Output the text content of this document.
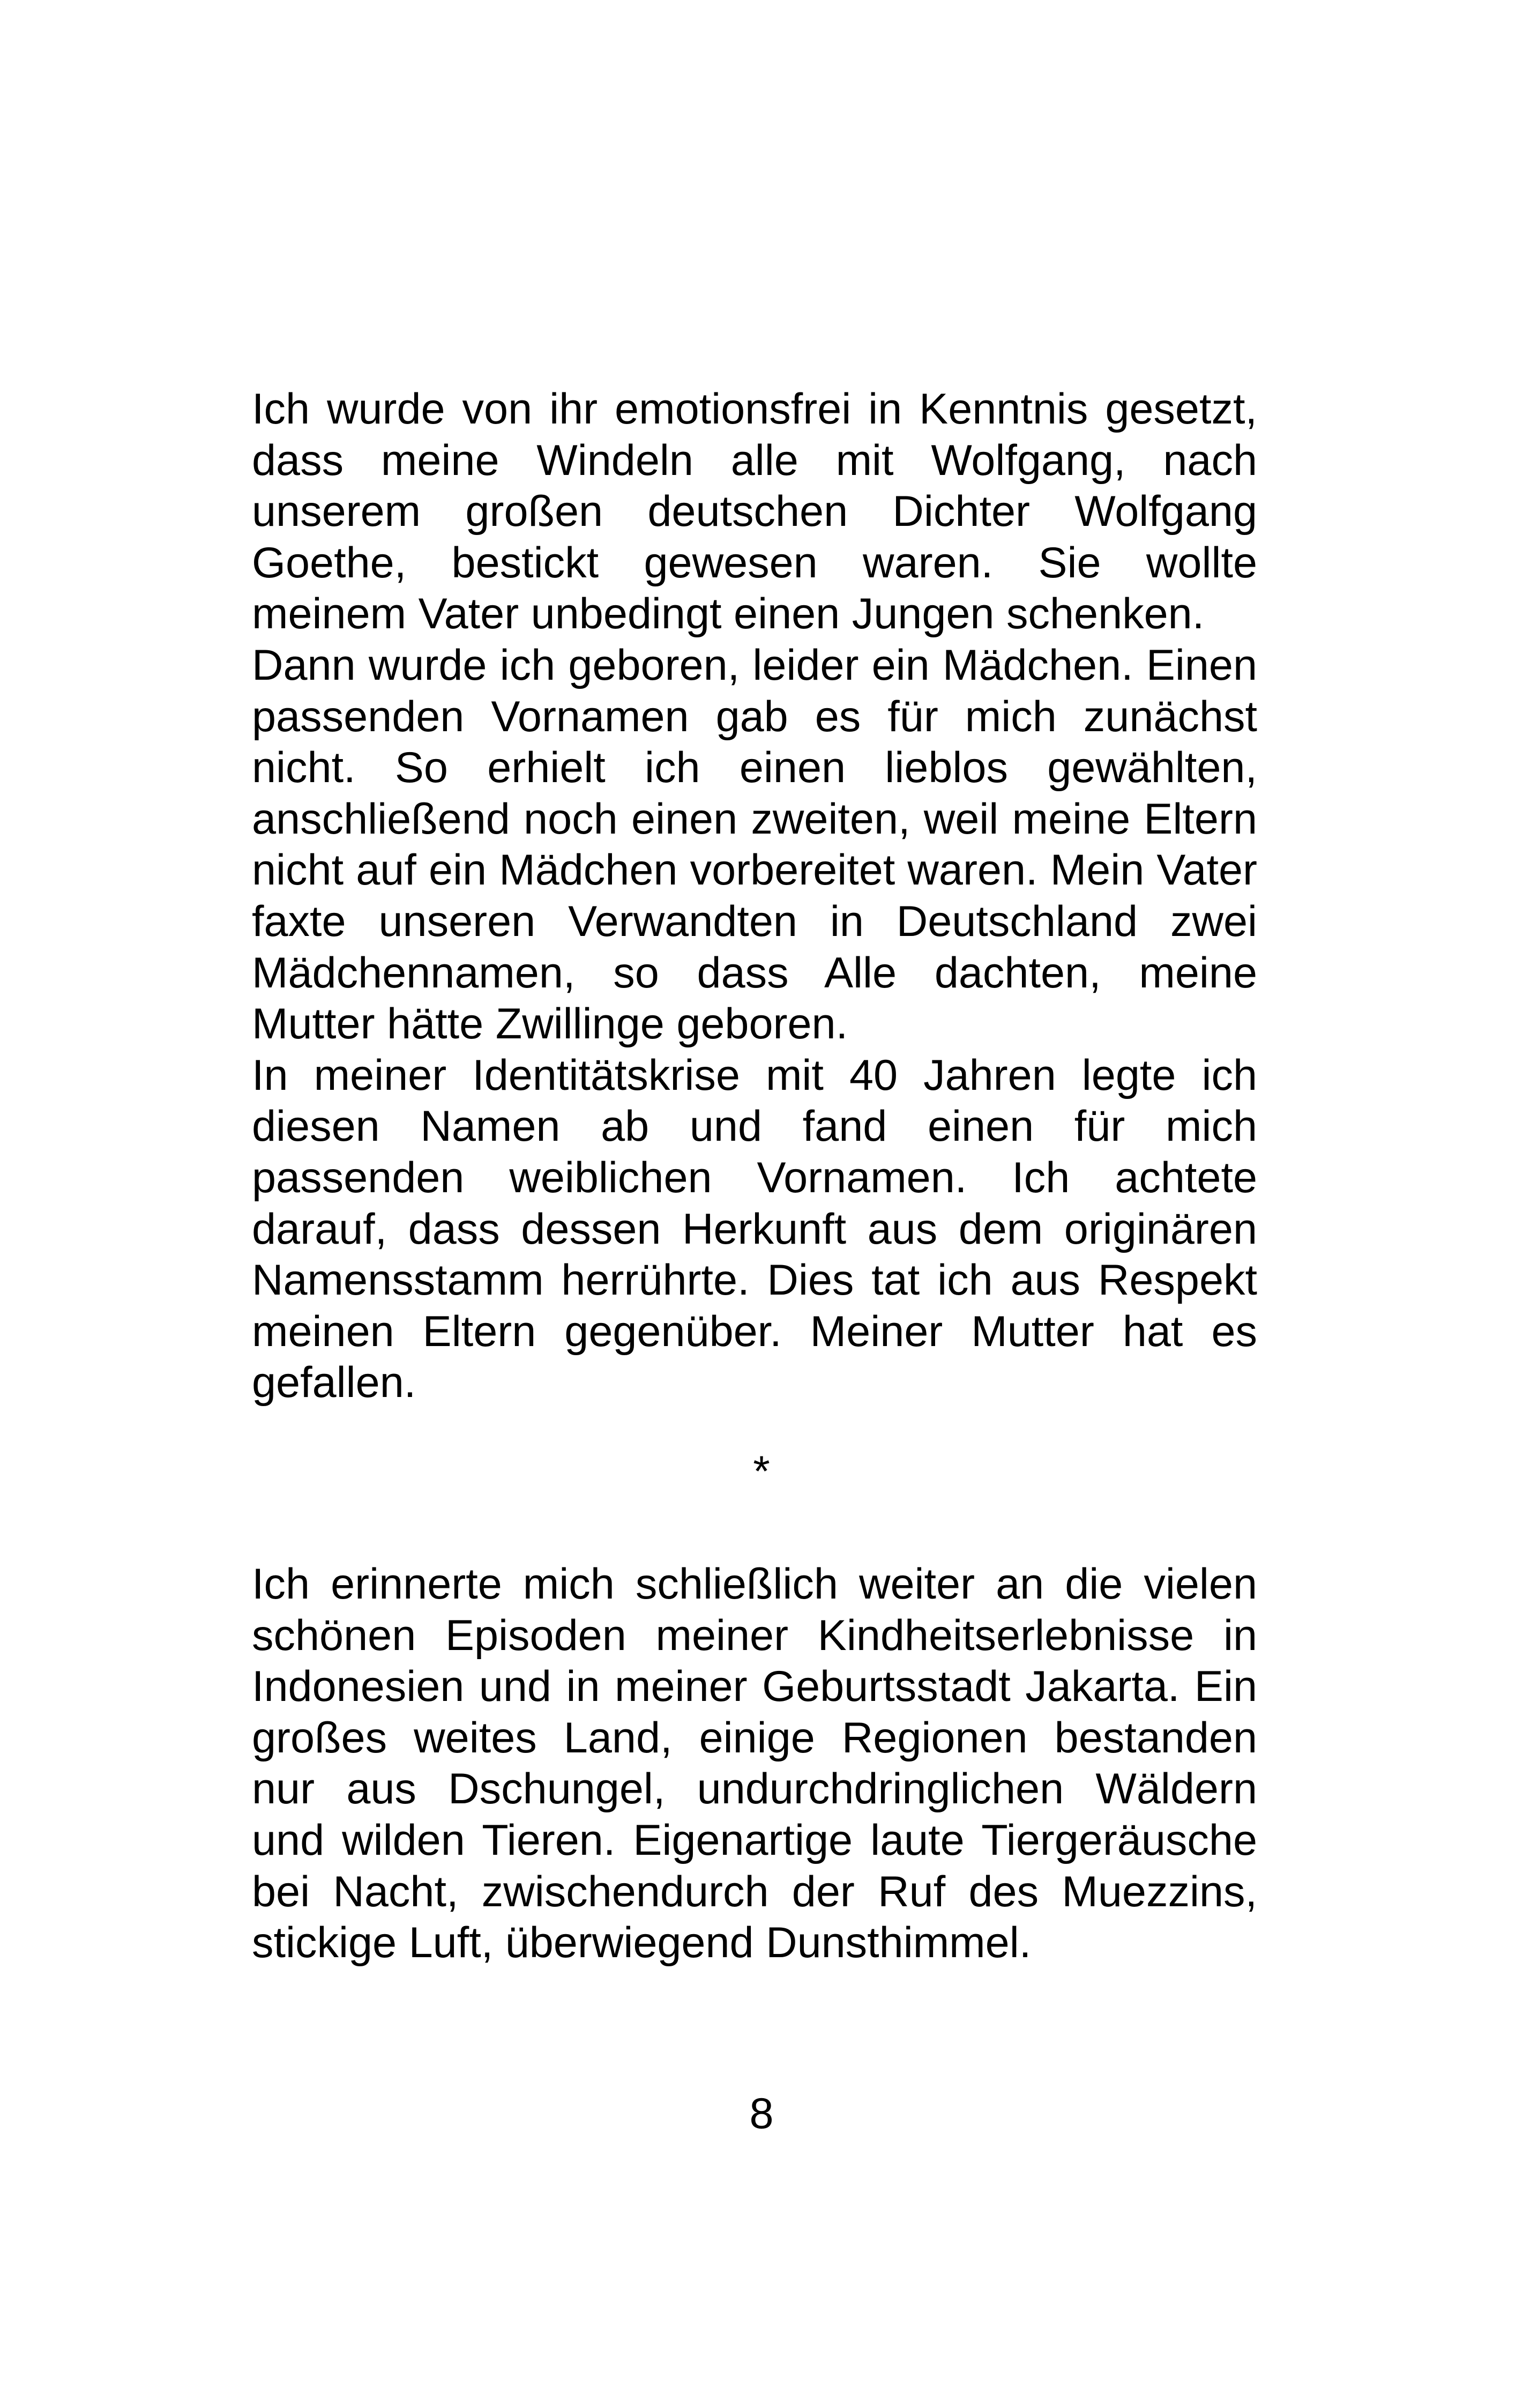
Ich wurde von ihr emotionsfrei in Kenntnis gesetzt, dass meine Windeln alle mit Wolfgang, nach unserem großen deutschen Dichter Wolfgang Goethe, bestickt gewesen waren. Sie wollte meinem Vater unbedingt einen Jungen schenken.

Dann wurde ich geboren, leider ein Mädchen. Einen passenden Vornamen gab es für mich zunächst nicht. So erhielt ich einen lieblos gewählten, anschließend noch einen zweiten, weil meine Eltern nicht auf ein Mädchen vorbereitet waren. Mein Vater faxte unseren Verwandten in Deutschland zwei Mädchennamen, so dass Alle dachten, meine Mutter hätte Zwillinge geboren.

In meiner Identitätskrise mit 40 Jahren legte ich diesen Namen ab und fand einen für mich passenden weiblichen Vornamen. Ich achtete darauf, dass dessen Herkunft aus dem originären Namensstamm herrührte. Dies tat ich aus Respekt meinen Eltern gegenüber. Meiner Mutter hat es gefallen.

*

Ich erinnerte mich schließlich weiter an die vielen schönen Episoden meiner Kindheitserlebnisse in Indonesien und in meiner Geburtsstadt Jakarta. Ein großes weites Land, einige Regionen bestanden nur aus Dschungel, undurchdringlichen Wäldern und wilden Tieren. Eigenartige laute Tiergeräusche bei Nacht, zwischendurch der Ruf des Muezzins, stickige Luft, überwiegend Dunsthimmel.

8
